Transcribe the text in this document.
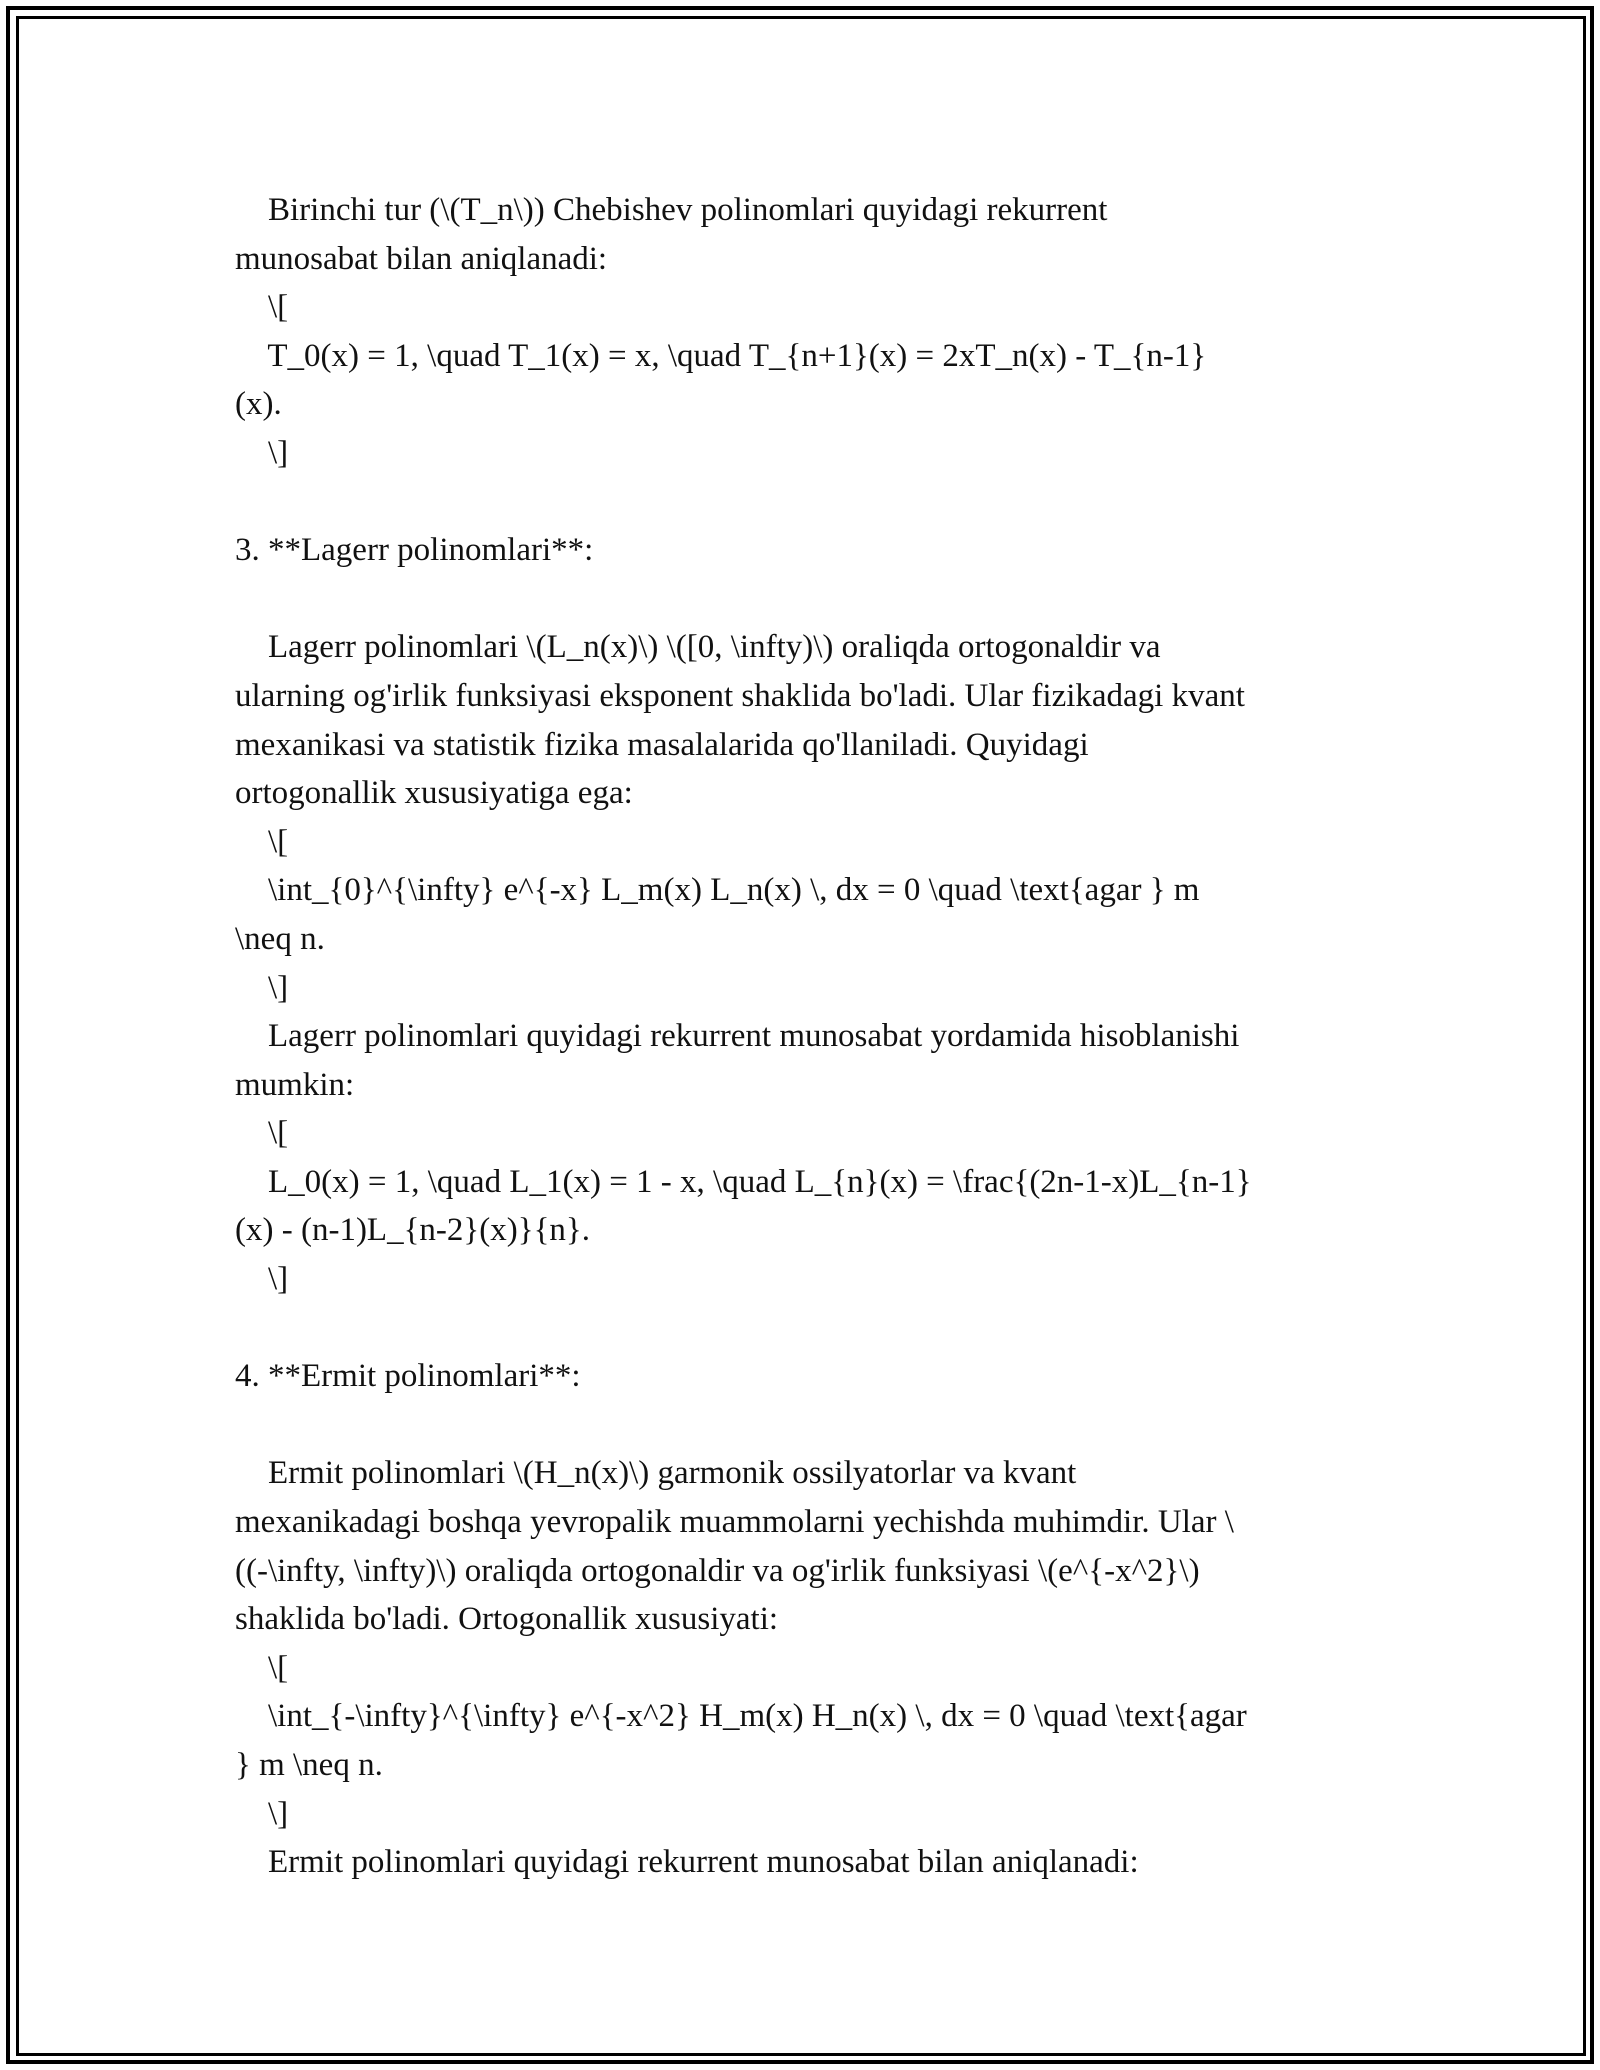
Birinchi tur (\(T_n\)) Chebishev polinomlari quyidagi rekurrent
munosabat bilan aniqlanadi:
\[
T_0(x) = 1, \quad T_1(x) = x, \quad T_{n+1}(x) = 2xT_n(x) - T_{n-1}
(x).
\]
3. **Lagerr polinomlari**:
Lagerr polinomlari \(L_n(x)\) \([0, \infty)\) oraliqda ortogonaldir va
ularning og'irlik funksiyasi eksponent shaklida bo'ladi. Ular fizikadagi kvant
mexanikasi va statistik fizika masalalarida qo'llaniladi. Quyidagi
ortogonallik xususiyatiga ega:
\[
\int_{0}^{\infty} e^{-x} L_m(x) L_n(x) \, dx = 0 \quad \text{agar } m
\neq n.
\]
Lagerr polinomlari quyidagi rekurrent munosabat yordamida hisoblanishi
mumkin:
\[
L_0(x) = 1, \quad L_1(x) = 1 - x, \quad L_{n}(x) = \frac{(2n-1-x)L_{n-1}
(x) - (n-1)L_{n-2}(x)}{n}.
\]
4. **Ermit polinomlari**:
Ermit polinomlari \(H_n(x)\) garmonik ossilyatorlar va kvant
mexanikadagi boshqa yevropalik muammolarni yechishda muhimdir. Ular \
((-\infty, \infty)\) oraliqda ortogonaldir va og'irlik funksiyasi \(e^{-x^2}\)
shaklida bo'ladi. Ortogonallik xususiyati:
\[
\int_{-\infty}^{\infty} e^{-x^2} H_m(x) H_n(x) \, dx = 0 \quad \text{agar
} m \neq n.
\]
Ermit polinomlari quyidagi rekurrent munosabat bilan aniqlanadi:
